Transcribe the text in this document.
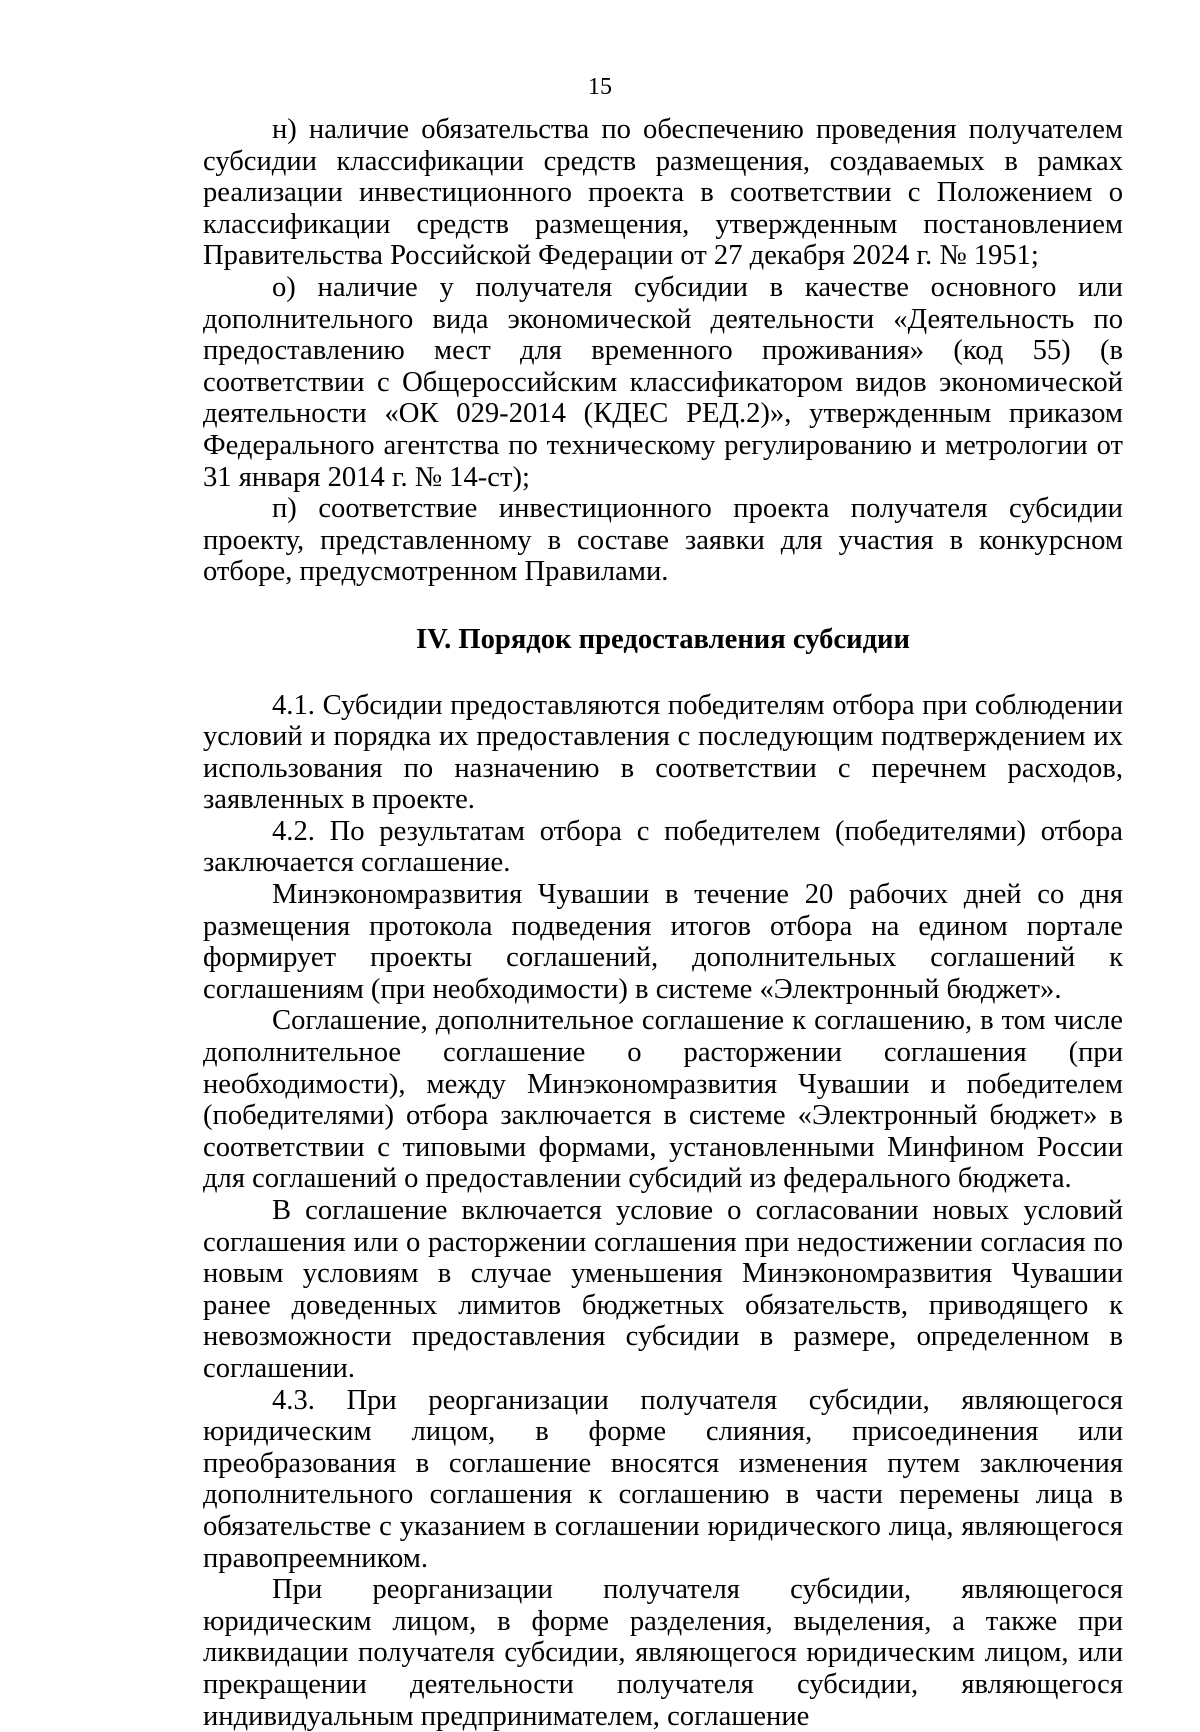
15

н) наличие обязательства по обеспечению проведения получателем субсидии классификации средств размещения, создаваемых в рамках реализации инвестиционного проекта в соответствии с Положением о классификации средств размещения, утвержденным постановлением Правительства Российской Федерации от 27 декабря 2024 г. № 1951;

о) наличие у получателя субсидии в качестве основного или дополнительного вида экономической деятельности «Деятельность по предоставлению мест для временного проживания» (код 55) (в соответствии с Общероссийским классификатором видов экономической деятельности «ОК 029-2014 (КДЕС РЕД.2)», утвержденным приказом Федерального агентства по техническому регулированию и метрологии от 31 января 2014 г. № 14-ст);

п) соответствие инвестиционного проекта получателя субсидии проекту, представленному в составе заявки для участия в конкурсном отборе, предусмотренном Правилами.

IV. Порядок предоставления субсидии

4.1. Субсидии предоставляются победителям отбора при соблюдении условий и порядка их предоставления с последующим подтверждением их использования по назначению в соответствии с перечнем расходов, заявленных в проекте.

4.2. По результатам отбора с победителем (победителями) отбора заключается соглашение.

Минэкономразвития Чувашии в течение 20 рабочих дней со дня размещения протокола подведения итогов отбора на едином портале формирует проекты соглашений, дополнительных соглашений к соглашениям (при необходимости) в системе «Электронный бюджет».

Соглашение, дополнительное соглашение к соглашению, в том числе дополнительное соглашение о расторжении соглашения (при необходимости), между Минэкономразвития Чувашии и победителем (победителями) отбора заключается в системе «Электронный бюджет» в соответствии с типовыми формами, установленными Минфином России для соглашений о предоставлении субсидий из федерального бюджета.

В соглашение включается условие о согласовании новых условий соглашения или о расторжении соглашения при недостижении согласия по новым условиям в случае уменьшения Минэкономразвития Чувашии ранее доведенных лимитов бюджетных обязательств, приводящего к невозможности предоставления субсидии в размере, определенном в соглашении.

4.3. При реорганизации получателя субсидии, являющегося юридическим лицом, в форме слияния, присоединения или преобразования в соглашение вносятся изменения путем заключения дополнительного соглашения к соглашению в части перемены лица в обязательстве с указанием в соглашении юридического лица, являющегося правопреемником.

При реорганизации получателя субсидии, являющегося юридическим лицом, в форме разделения, выделения, а также при ликвидации получателя субсидии, являющегося юридическим лицом, или прекращении деятельности получателя субсидии, являющегося индивидуальным предпринимателем, соглашение
